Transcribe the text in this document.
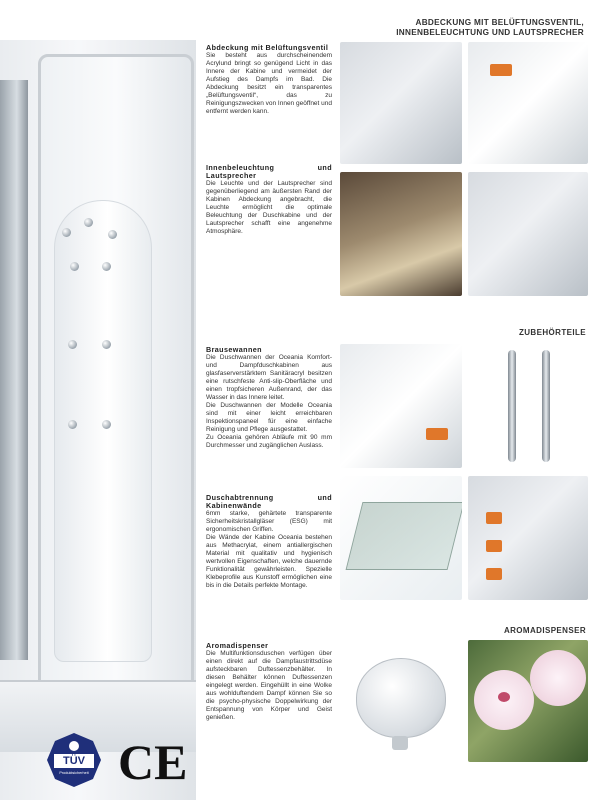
ABDECKUNG MIT BELÜFTUNGSVENTIL,
INNENBELEUCHTUNG UND LAUTSPRECHER
Abdeckung mit Belüftungsventil

Sie besteht aus durchscheinendem Acrylund bringt so genügend Licht in das Innere der Kabine und vermeidet der Aufstieg des Dampfs im Bad. Die Abdeckung besitzt ein transparentes „Belüftungsventil“, das zu Reinigungszwecken von Innen geöffnet und entfernt werden kann.

Innenbeleuchtung und Lautsprecher

Die Leuchte und der Lautsprecher sind gegenüberliegend am äußersten Rand der Kabinen Abdeckung angebracht, die Leuchte ermöglicht die optimale Beleuchtung der Duschkabine und der Lautsprecher schafft eine angenehme Atmosphäre.

ZUBEHÖRTEILE
Brausewannen

Die Duschwannen der Oceania Komfort-und Dampfduschkabinen aus glasfaserverstärktem Sanitäracryl besitzen eine rutschfeste Anti-slip-Oberfläche und einen tropfsicheren Außenrand, der das Wasser in das Innere leitet.

Die Duschwannen der Modelle Oceania sind mit einer leicht erreichbaren Inspektionspaneel für eine einfache Reinigung und Pflege ausgestattet.

Zu Oceania gehören Abläufe mit 90 mm Durchmesser und zugänglichen Auslass.

Duschabtrennung und Kabinenwände

6mm starke, gehärtete transparente Sicherheitskristallgläser (ESG) mit ergonomischen Griffen.

Die Wände der Kabine Oceania bestehen aus Methacrylat, einem antiallergischen Material mit qualitativ und hygienisch wertvollen Eigenschaften, welche dauernde Funktionalität gewährleisten. Spezielle Klebeprofile aus Kunstoff ermöglichen eine bis in die Details perfekte Montage.

AROMADISPENSER
Aromadispenser

Die Multifunktionsduschen verfügen über einen direkt auf die Dampfaustrittsdüse aufsteckbaren Duftessenzbehälter. In diesen Behälter können Duftessenzen eingelegt werden. Eingehüllt in eine Wolke aus wohlduftendem Dampf können Sie so die psycho-physische Doppelwirkung der Entspannung von Körper und Geist genießen.

TÜV
Produktsicherheit CE
